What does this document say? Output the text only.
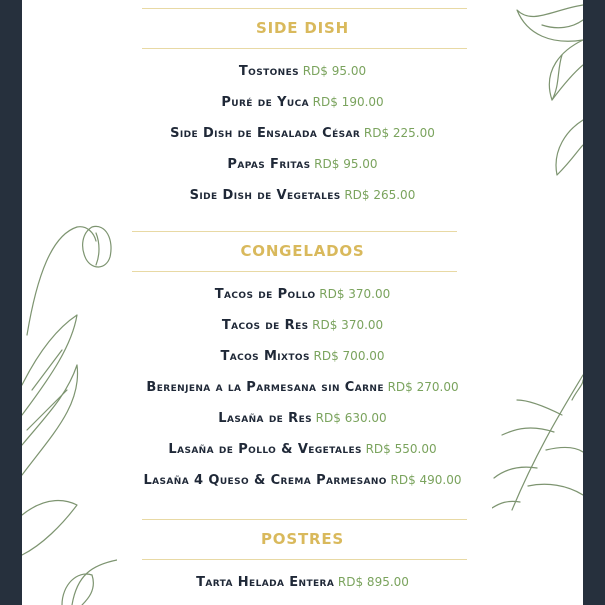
SIDE DISH
Tostones RD$ 95.00
Puré de Yuca RD$ 190.00
Side Dish de Ensalada César RD$ 225.00
Papas Fritas RD$ 95.00
Side Dish de Vegetales RD$ 265.00
CONGELADOS
Tacos de Pollo RD$ 370.00
Tacos de Res RD$ 370.00
Tacos Mixtos RD$ 700.00
Berenjena a la Parmesana sin Carne RD$ 270.00
Lasaña de Res RD$ 630.00
Lasaña de Pollo & Vegetales RD$ 550.00
Lasaña 4 Queso & Crema Parmesano RD$ 490.00
POSTRES
Tarta Helada Entera RD$ 895.00
